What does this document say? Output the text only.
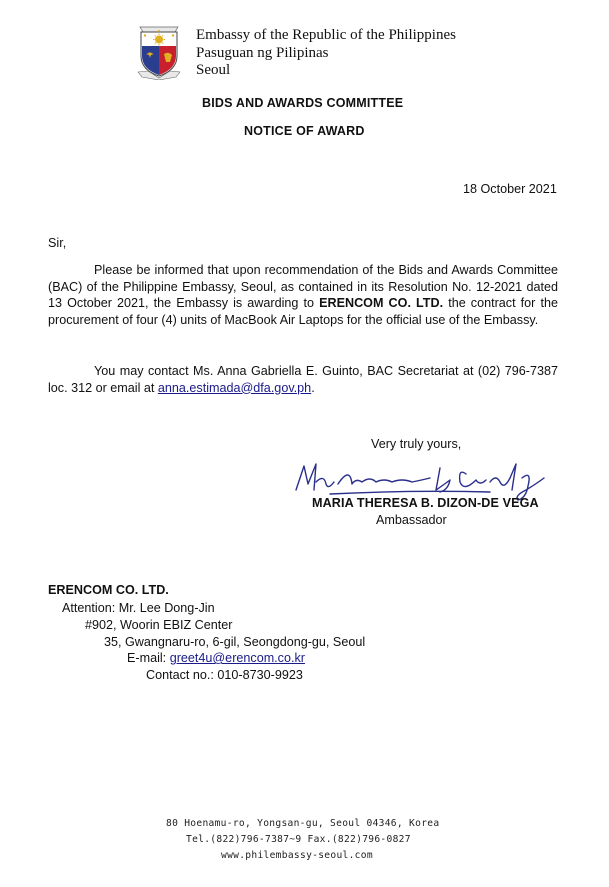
Embassy of the Republic of the Philippines
Pasuguan ng Pilipinas
Seoul
BIDS AND AWARDS COMMITTEE
NOTICE OF AWARD
18 October 2021
Sir,

Please be informed that upon recommendation of the Bids and Awards Committee (BAC) of the Philippine Embassy, Seoul, as contained in its Resolution No. 12-2021 dated 13 October 2021, the Embassy is awarding to ERENCOM CO. LTD. the contract for the procurement of four (4) units of MacBook Air Laptops for the official use of the Embassy.

You may contact Ms. Anna Gabriella E. Guinto, BAC Secretariat at (02) 796-7387 loc. 312 or email at anna.estimada@dfa.gov.ph.

Very truly yours,
MARIA THERESA B. DIZON-DE VEGA
Ambassador
ERENCOM CO. LTD.
Attention: Mr. Lee Dong-Jin
#902, Woorin EBIZ Center
35, Gwangnaru-ro, 6-gil, Seongdong-gu, Seoul
E-mail: greet4u@erencom.co.kr
Contact no.: 010-8730-9923
80 Hoenamu-ro, Yongsan-gu, Seoul 04346, Korea
Tel.(822)796-7387~9 Fax.(822)796-0827
www.philembassy-seoul.com
